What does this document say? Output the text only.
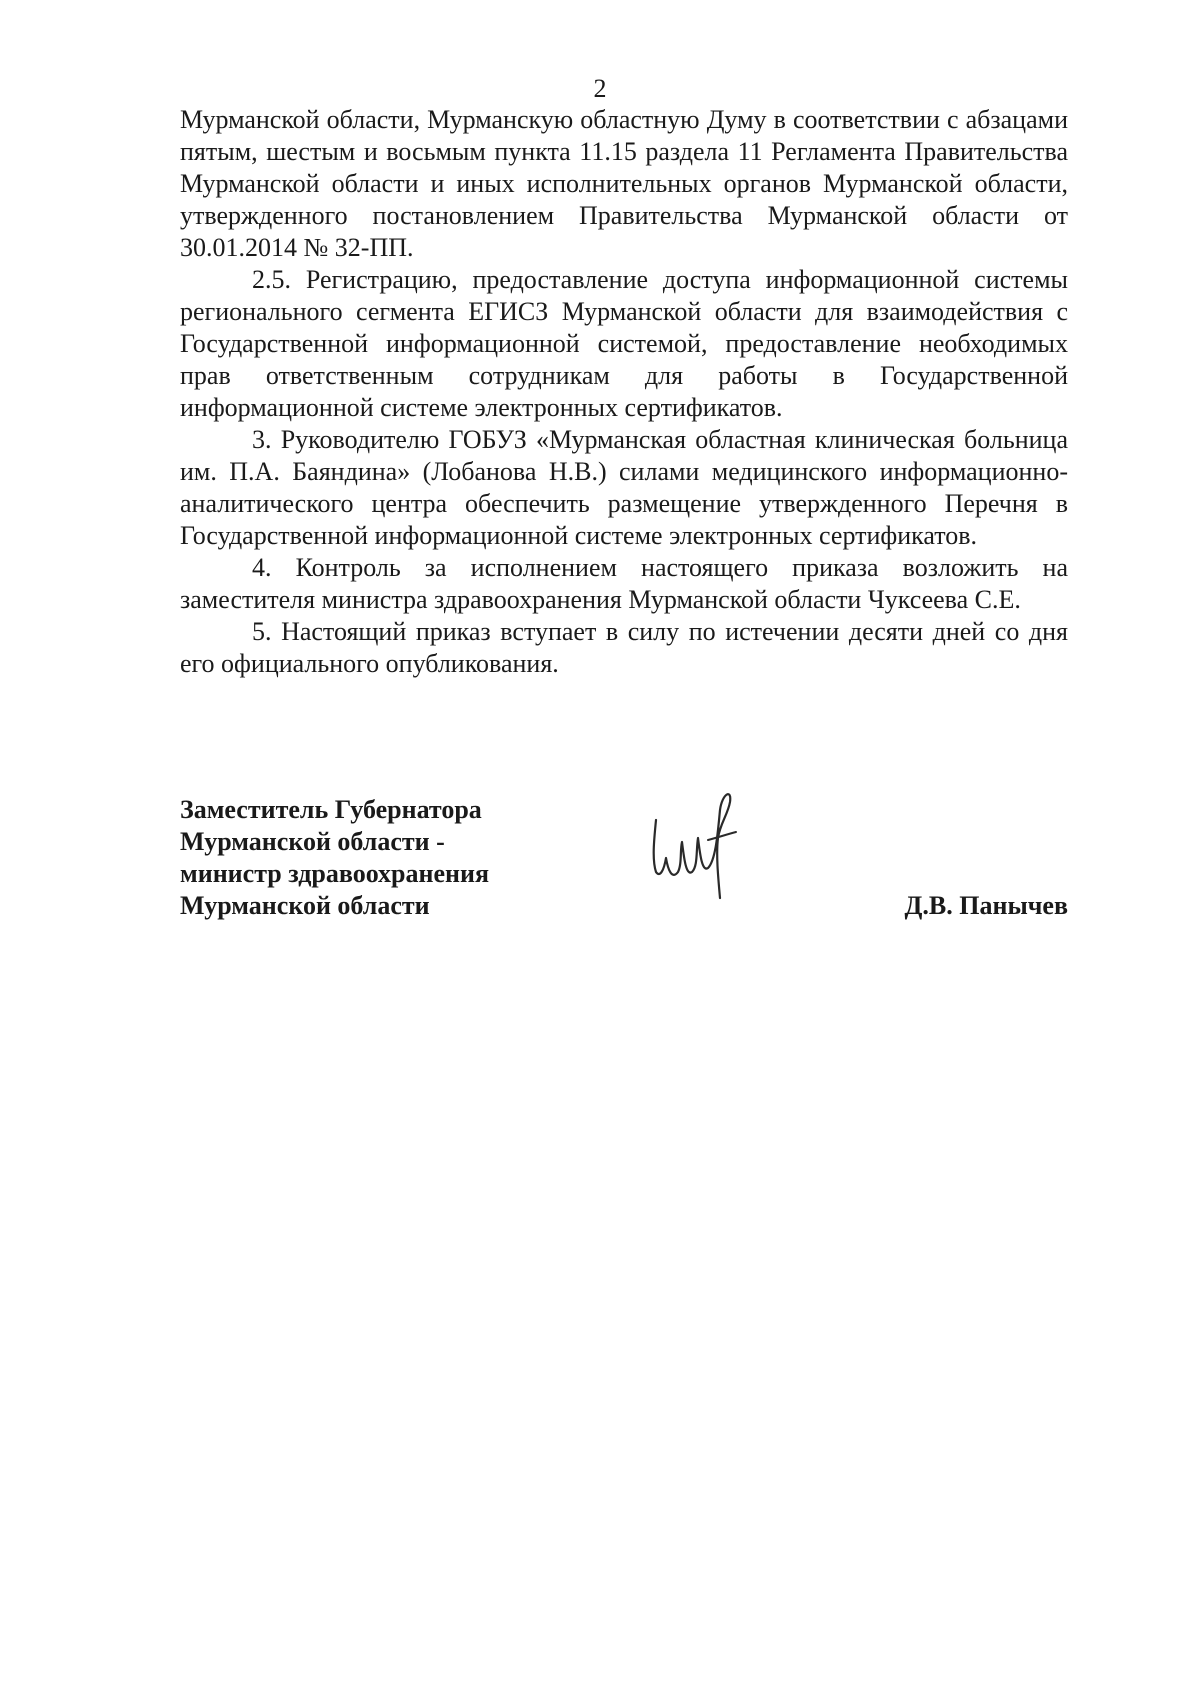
2

Мурманской области, Мурманскую областную Думу в соответствии с абзацами пятым, шестым и восьмым пункта 11.15 раздела 11 Регламента Правительства Мурманской области и иных исполнительных органов Мурманской области, утвержденного постановлением Правительства Мурманской области от 30.01.2014 № 32-ПП.

2.5. Регистрацию, предоставление доступа информационной системы регионального сегмента ЕГИСЗ Мурманской области для взаимодействия с Государственной информационной системой, предоставление необходимых прав ответственным сотрудникам для работы в Государственной информационной системе электронных сертификатов.

3. Руководителю ГОБУЗ «Мурманская областная клиническая больница им. П.А. Баяндина» (Лобанова Н.В.) силами медицинского информационно-аналитического центра обеспечить размещение утвержденного Перечня в Государственной информационной системе электронных сертификатов.

4. Контроль за исполнением настоящего приказа возложить на заместителя министра здравоохранения Мурманской области Чуксеева С.Е.

5. Настоящий приказ вступает в силу по истечении десяти дней со дня его официального опубликования.

Заместитель Губернатора
Мурманской области -
министр здравоохранения
Мурманской области	Д.В. Панычев
